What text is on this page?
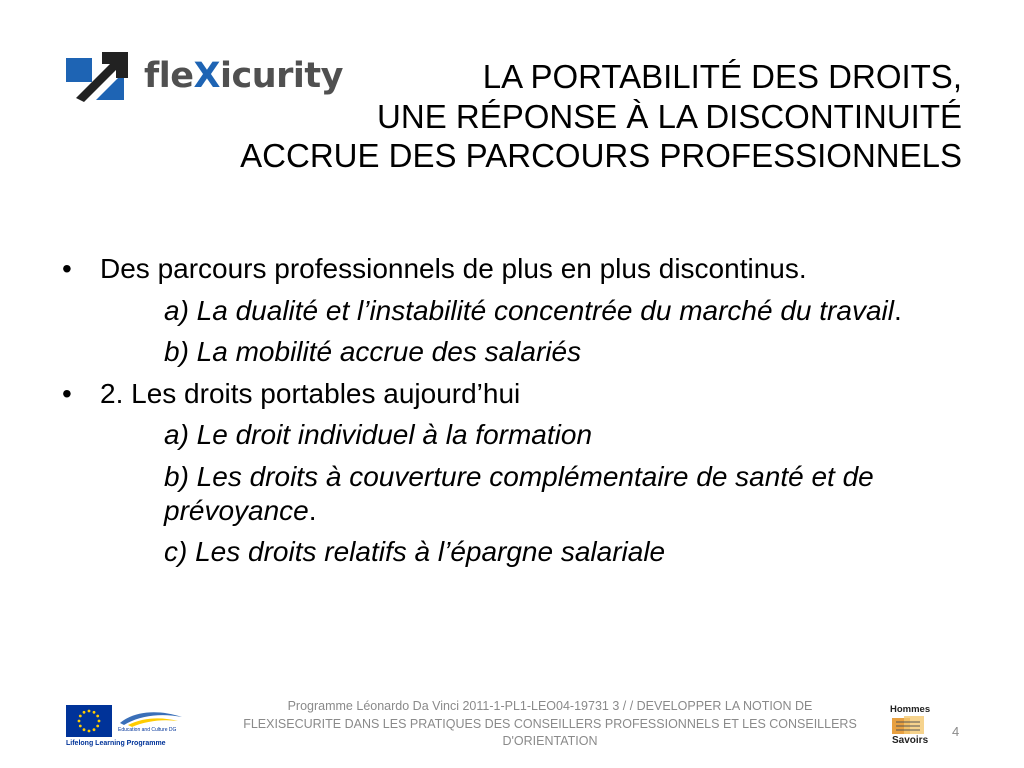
fleXicurity	LA PORTABILITÉ DES DROITS,
UNE RÉPONSE À LA DISCONTINUITÉ
ACCRUE DES PARCOURS PROFESSIONNELS
• Des parcours professionnels de plus en plus discontinus.
a) La dualité et l’instabilité concentrée du marché du travail.
b) La mobilité accrue des salariés
• 2. Les droits portables aujourd’hui
a) Le droit individuel à la formation
b) Les droits à couverture complémentaire de santé et de prévoyance.
c) Les droits relatifs à l’épargne salariale
Education and Culture DG
Lifelong Learning Programme
Programme Léonardo Da Vinci 2011-1-PL1-LEO04-19731 3 / / DEVELOPPER LA NOTION DE
FLEXISECURITE DANS LES PRATIQUES DES CONSEILLERS PROFESSIONNELS ET LES CONSEILLERS
D'ORIENTATION
Hommes
Savoirs
4
